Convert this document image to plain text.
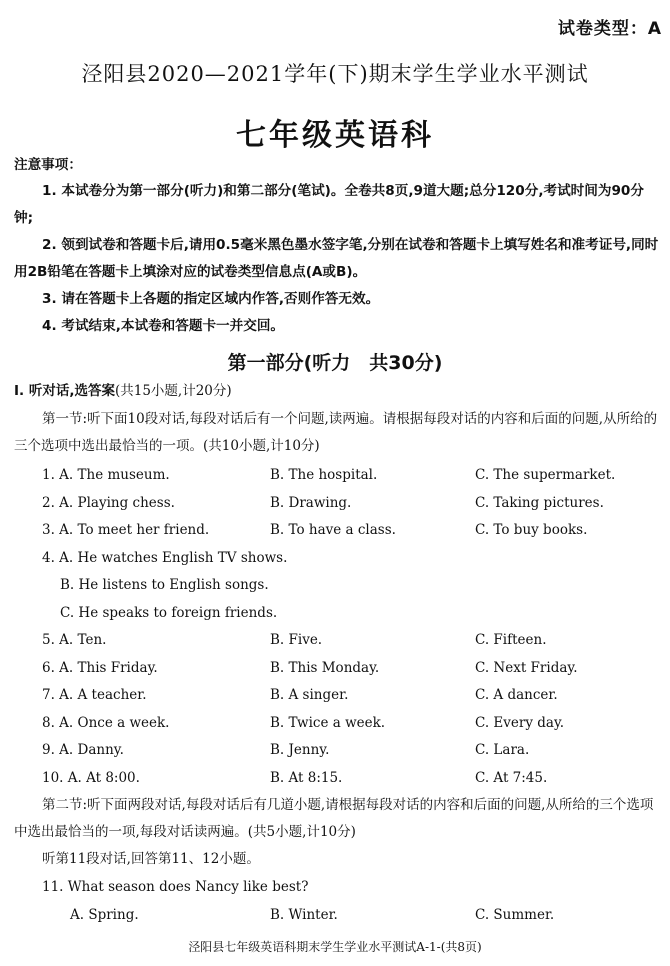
试卷类型：A
泾阳县2020—2021学年(下)期末学生学业水平测试
七年级英语科
注意事项：
1. 本试卷分为第一部分(听力)和第二部分(笔试)。全卷共8页,9道大题;总分120分,考试时间为90分钟;
2. 领到试卷和答题卡后,请用0.5毫米黑色墨水签字笔,分别在试卷和答题卡上填写姓名和准考证号,同时用2B铅笔在答题卡上填涂对应的试卷类型信息点(A或B)。
3. 请在答题卡上各题的指定区域内作答,否则作答无效。
4. 考试结束,本试卷和答题卡一并交回。
第一部分(听力　共30分)
Ⅰ. 听对话,选答案(共15小题,计20分)
第一节:听下面10段对话,每段对话后有一个问题,读两遍。请根据每段对话的内容和后面的问题,从所给的三个选项中选出最恰当的一项。(共10小题,计10分)
1. A. The museum.	B. The hospital.	C. The supermarket.
2. A. Playing chess.	B. Drawing.	C. Taking pictures.
3. A. To meet her friend.	B. To have a class.	C. To buy books.
4. A. He watches English TV shows.
B. He listens to English songs.
C. He speaks to foreign friends.
5. A. Ten.	B. Five.	C. Fifteen.
6. A. This Friday.	B. This Monday.	C. Next Friday.
7. A. A teacher.	B. A singer.	C. A dancer.
8. A. Once a week.	B. Twice a week.	C. Every day.
9. A. Danny.	B. Jenny.	C. Lara.
10. A. At 8:00.	B. At 8:15.	C. At 7:45.
第二节:听下面两段对话,每段对话后有几道小题,请根据每段对话的内容和后面的问题,从所给的三个选项中选出最恰当的一项,每段对话读两遍。(共5小题,计10分)
听第11段对话,回答第11、12小题。
11. What season does Nancy like best?
A. Spring.	B. Winter.	C. Summer.
泾阳县七年级英语科期末学生学业水平测试A-1-(共8页)
